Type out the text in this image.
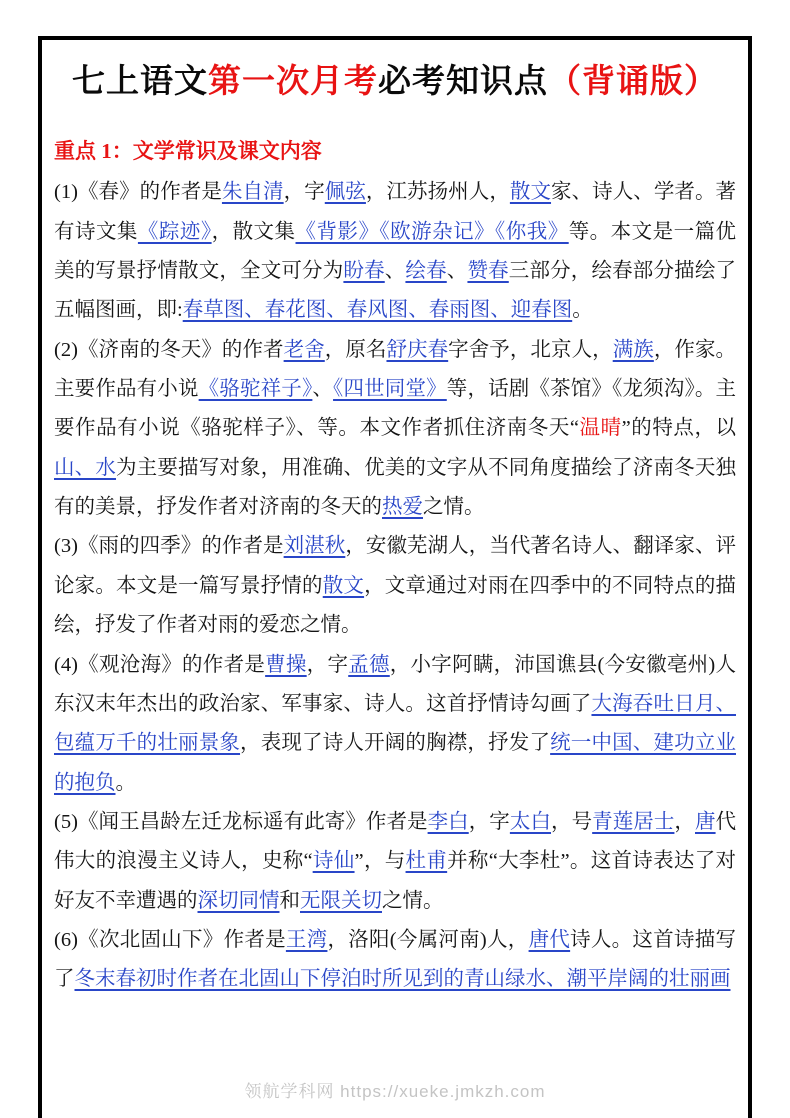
七上语文第一次月考必考知识点（背诵版）
重点 1：文学常识及课文内容

(1)《春》的作者是朱自清，字佩弦，江苏扬州人，散文家、诗人、学者。著有诗文集《踪迹》，散文集《背影》《欧游杂记》《你我》等。本文是一篇优美的写景抒情散文，全文可分为盼春、绘春、赞春三部分，绘春部分描绘了五幅图画，即:春草图、春花图、春风图、春雨图、迎春图。

(2)《济南的冬天》的作者老舍，原名舒庆春字舍予，北京人，满族，作家。主要作品有小说《骆驼祥子》、《四世同堂》等，话剧《茶馆》《龙须沟》。主要作品有小说《骆驼样子》、等。本文作者抓住济南冬天“温晴”的特点，以山、水为主要描写对象，用准确、优美的文字从不同角度描绘了济南冬天独有的美景，抒发作者对济南的冬天的热爱之情。

(3)《雨的四季》的作者是刘湛秋，安徽芜湖人，当代著名诗人、翻译家、评论家。本文是一篇写景抒情的散文，文章通过对雨在四季中的不同特点的描绘，抒发了作者对雨的爱恋之情。

(4)《观沧海》的作者是曹操，字孟德，小字阿瞒，沛国谯县(今安徽亳州)人东汉末年杰出的政治家、军事家、诗人。这首抒情诗勾画了大海吞吐日月、包蕴万千的壮丽景象，表现了诗人开阔的胸襟，抒发了统一中国、建功立业的抱负。

(5)《闻王昌龄左迁龙标遥有此寄》作者是李白，字太白，号青莲居士，唐代伟大的浪漫主义诗人，史称“诗仙”，与杜甫并称“大李杜”。这首诗表达了对好友不幸遭遇的深切同情和无限关切之情。

(6)《次北固山下》作者是王湾，洛阳(今属河南)人，唐代诗人。这首诗描写了冬末春初时作者在北固山下停泊时所见到的青山绿水、潮平岸阔的壮丽画

领航学科网 https://xueke.jmkzh.com
